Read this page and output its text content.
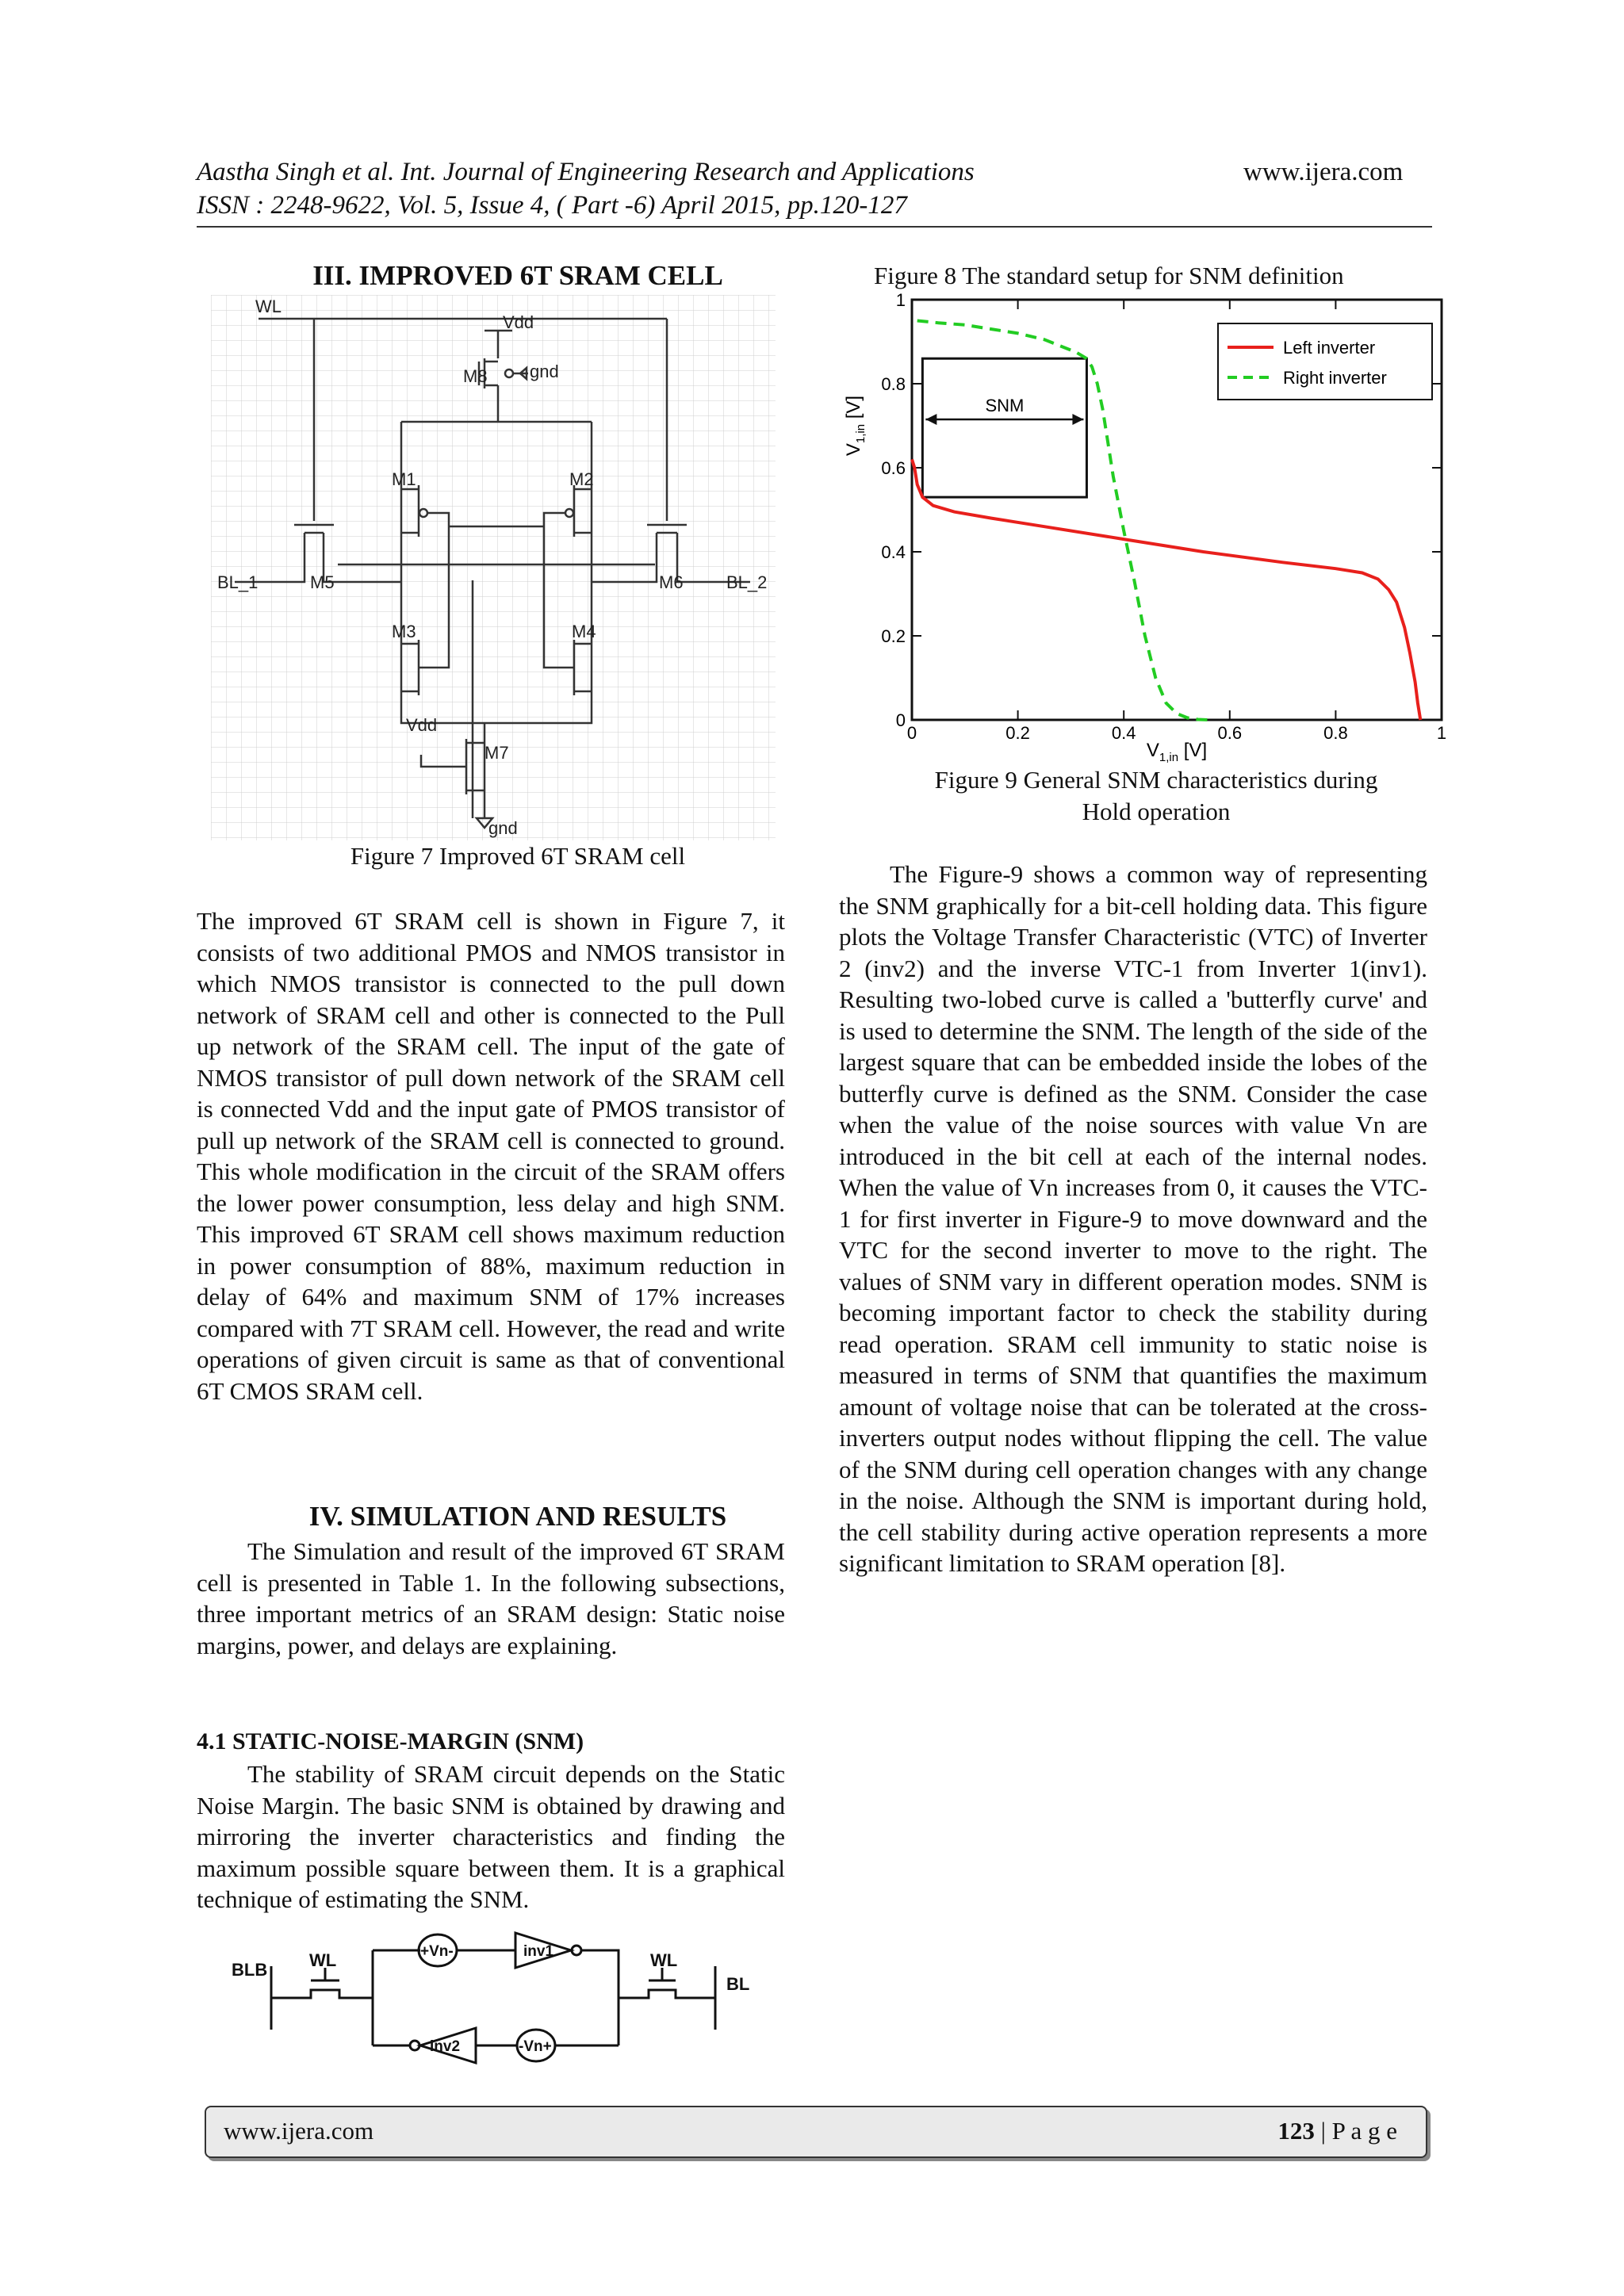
Aastha Singh et al. Int. Journal of Engineering Research and Applications	www.ijera.com
ISSN : 2248-9622, Vol. 5, Issue 4, ( Part -6) April 2015, pp.120-127
III. IMPROVED 6T SRAM CELL
WL
Vdd
M8 gnd
M1	M2
BL_1	M5	M6 BL_2
M3	M4
Vdd
M7
gnd
Figure 7 Improved 6T SRAM cell

The improved 6T SRAM cell is shown in Figure 7, it consists of two additional PMOS and NMOS transistor in which NMOS transistor is connected to the pull down network of SRAM cell and other is connected to the Pull up network of the SRAM cell. The input of the gate of NMOS transistor of pull down network of the SRAM cell is connected Vdd and the input gate of PMOS transistor of pull up network of the SRAM cell is connected to ground. This whole modification in the circuit of the SRAM offers the lower power consumption, less delay and high SNM. This improved 6T SRAM cell shows maximum reduction in power consumption of 88%, maximum reduction in delay of 64% and maximum SNM of 17% increases compared with 7T SRAM cell. However, the read and write operations of given circuit is same as that of conventional 6T CMOS SRAM cell.

IV. SIMULATION AND RESULTS

The Simulation and result of the improved 6T SRAM cell is presented in Table 1. In the following subsections, three important metrics of an SRAM design: Static noise margins, power, and delays are explaining.

4.1 STATIC-NOISE-MARGIN (SNM)

The stability of SRAM circuit depends on the Static Noise Margin. The basic SNM is obtained by drawing and mirroring the inverter characteristics and finding the maximum possible square between them. It is a graphical technique of estimating the SNM.

BLB WL	+Vn-	inv1	WL
BL
inv2	-Vn+
Figure 8 The standard setup for SNM definition
0	0.2	0.4	0.6	0.8	1
0
0.2
0.4
0.6
0.8
1
$V_{1,in}$ [V]
$V_{1,in}$ [V]	SNM
Left inverter
Right inverter
Figure 9 General SNM characteristics during
Hold operation

The Figure-9 shows a common way of representing the SNM graphically for a bit-cell holding data. This figure plots the Voltage Transfer Characteristic (VTC) of Inverter 2 (inv2) and the inverse VTC-1 from Inverter 1(inv1). Resulting two-lobed curve is called a 'butterfly curve' and is used to determine the SNM. The length of the side of the largest square that can be embedded inside the lobes of the butterfly curve is defined as the SNM. Consider the case when the value of the noise sources with value Vn are introduced in the bit cell at each of the internal nodes. When the value of Vn increases from 0, it causes the VTC-1 for first inverter in Figure-9 to move downward and the VTC for the second inverter to move to the right. The values of SNM vary in different operation modes. SNM is becoming important factor to check the stability during read operation. SRAM cell immunity to static noise is measured in terms of SNM that quantifies the maximum amount of voltage noise that can be tolerated at the cross-inverters output nodes without flipping the cell. The value of the SNM during cell operation changes with any change in the noise. Although the SNM is important during hold, the cell stability during active operation represents a more significant limitation to SRAM operation [8].

www.ijera.com	123 | P a g e
